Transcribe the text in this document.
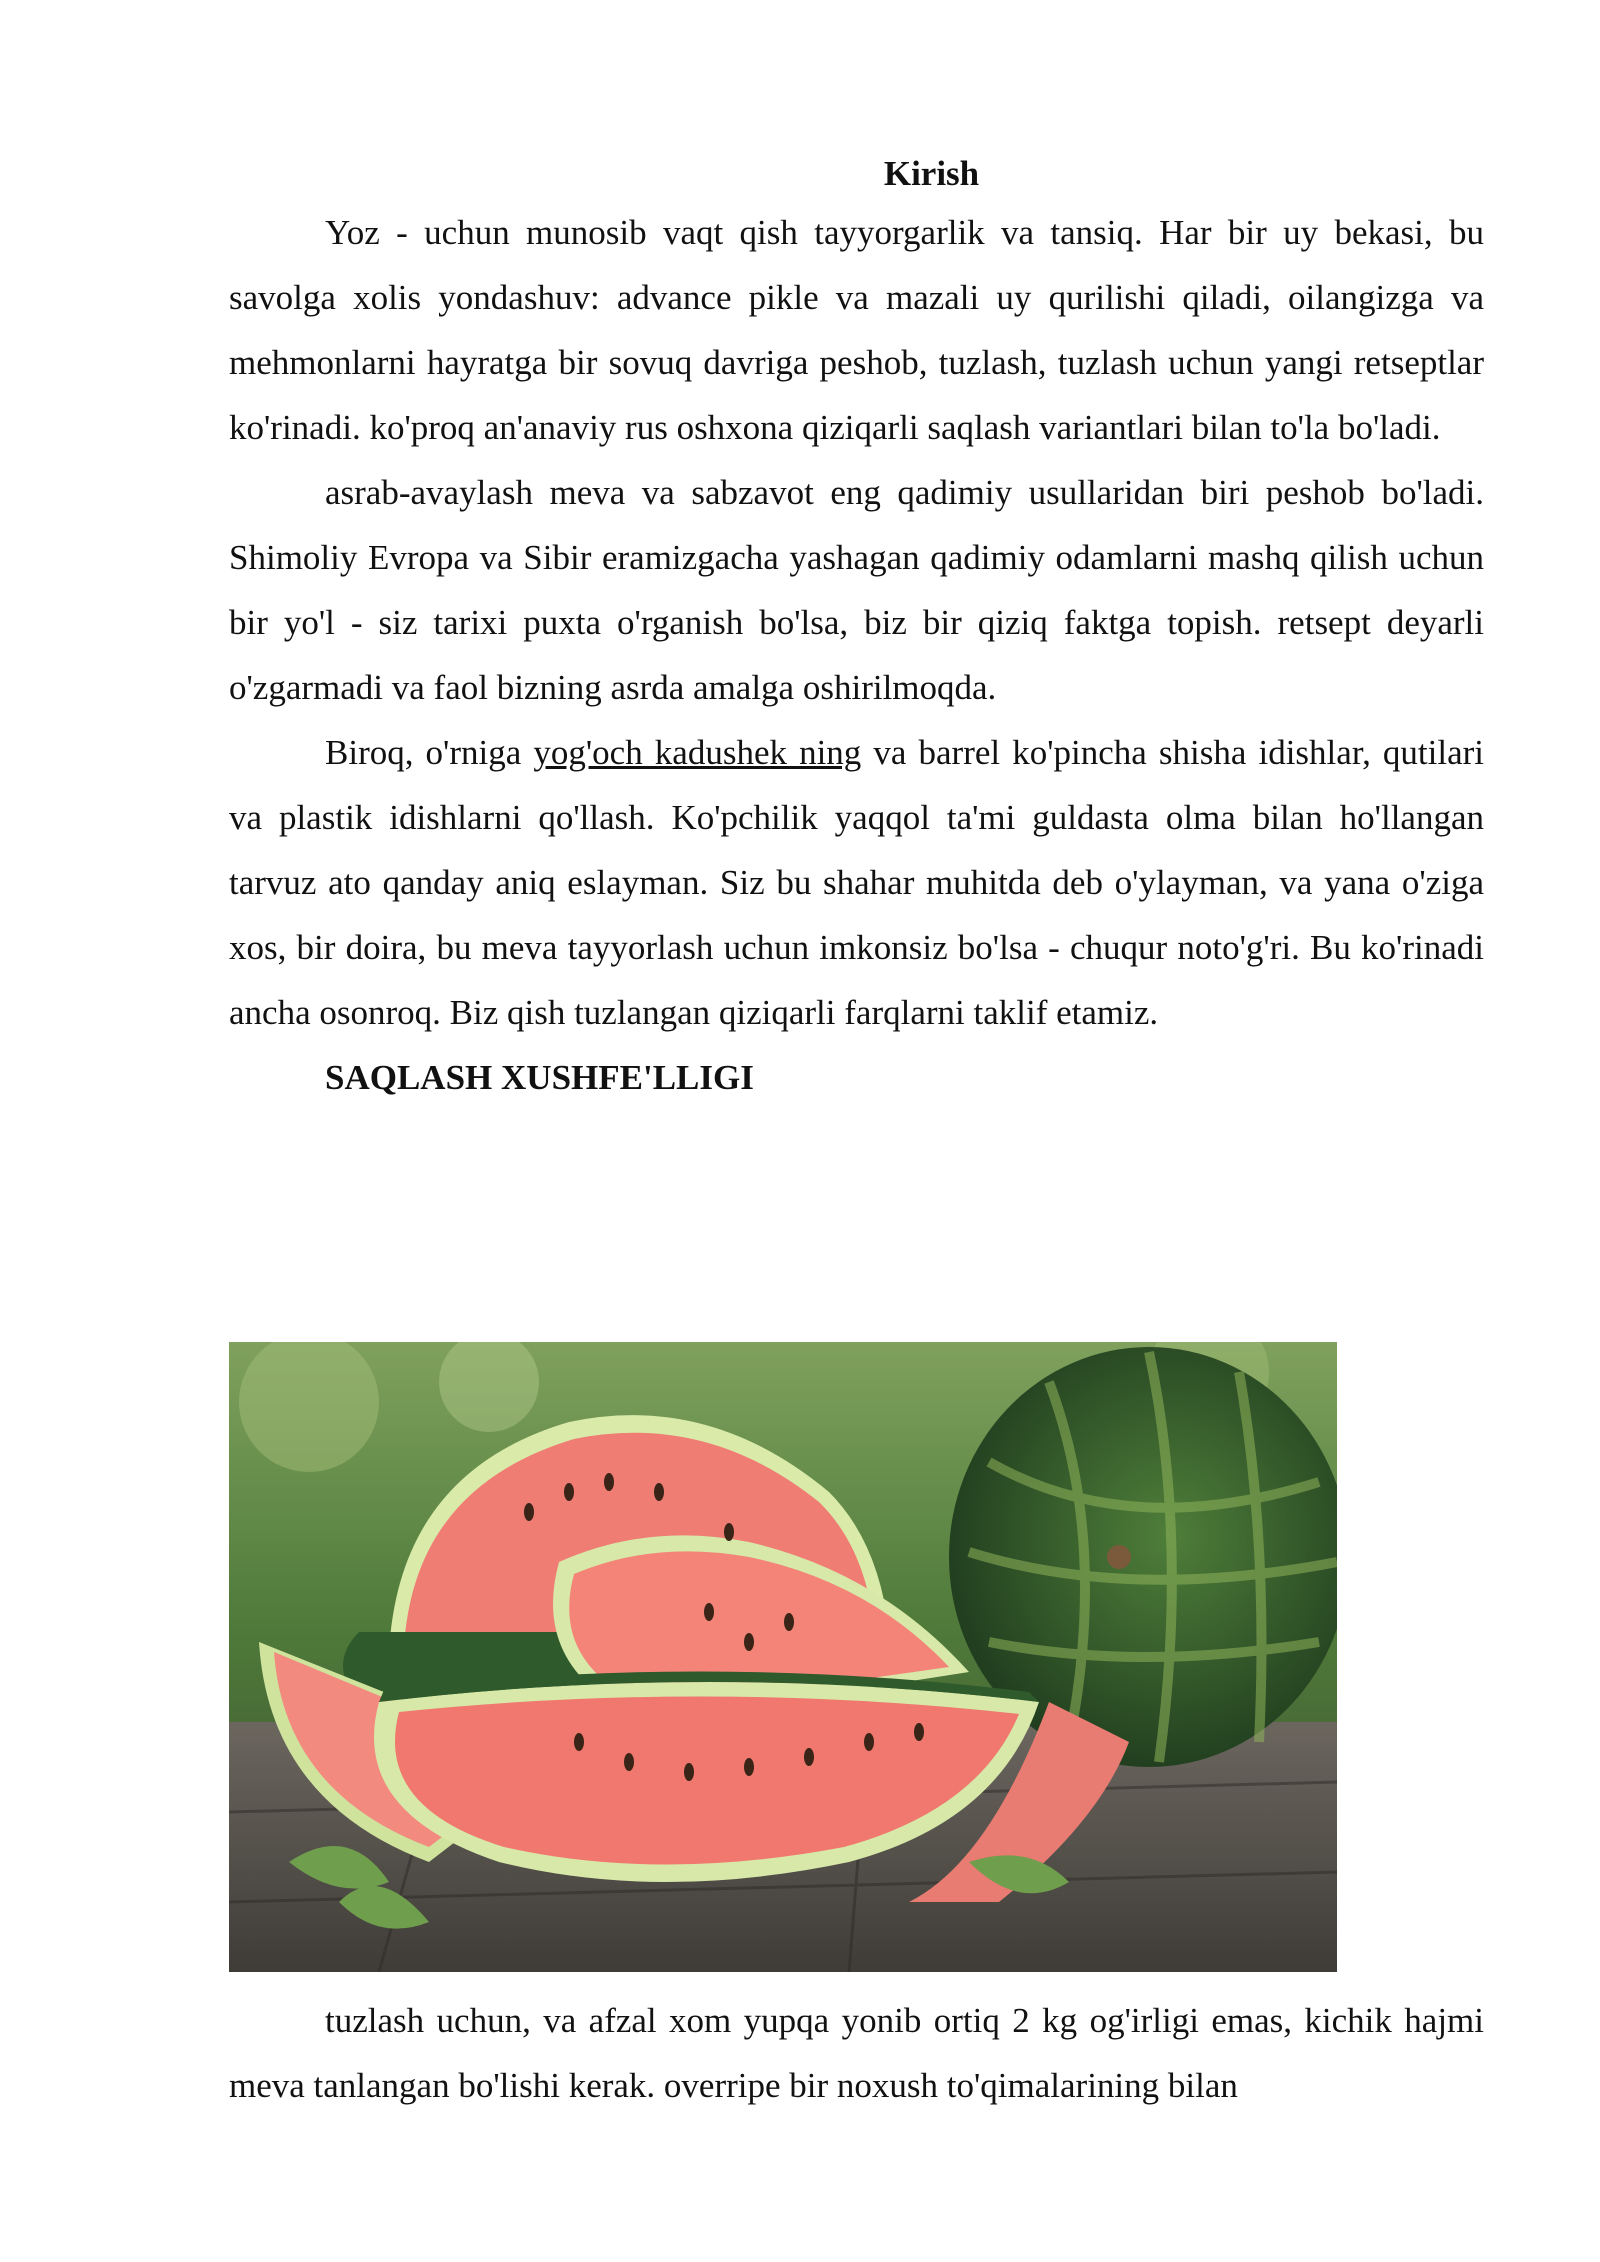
Kirish

Yoz - uchun munosib vaqt qish tayyorgarlik va tansiq. Har bir uy bekasi, bu savolga xolis yondashuv: advance pikle va mazali uy qurilishi qiladi, oilangizga va mehmonlarni hayratga bir sovuq davriga peshob, tuzlash, tuzlash uchun yangi retseptlar ko'rinadi. ko'proq an'anaviy rus oshxona qiziqarli saqlash variantlari bilan to'la bo'ladi.

asrab-avaylash meva va sabzavot eng qadimiy usullaridan biri peshob bo'ladi. Shimoliy Evropa va Sibir eramizgacha yashagan qadimiy odamlarni mashq qilish uchun bir yo'l - siz tarixi puxta o'rganish bo'lsa, biz bir qiziq faktga topish. retsept deyarli o'zgarmadi va faol bizning asrda amalga oshirilmoqda.

Biroq, o'rniga yog'och kadushek ning va barrel ko'pincha shisha idishlar, qutilari va plastik idishlarni qo'llash. Ko'pchilik yaqqol ta'mi guldasta olma bilan ho'llangan tarvuz ato qanday aniq eslayman. Siz bu shahar muhitda deb o'ylayman, va yana o'ziga xos, bir doira, bu meva tayyorlash uchun imkonsiz bo'lsa - chuqur noto'g'ri. Bu ko'rinadi ancha osonroq. Biz qish tuzlangan qiziqarli farqlarni taklif etamiz.

SAQLASH XUSHFE'LLIGI

tuzlash uchun, va afzal xom yupqa yonib ortiq 2 kg og'irligi emas, kichik hajmi meva tanlangan bo'lishi kerak. overripe bir noxush to'qimalarining bilan
